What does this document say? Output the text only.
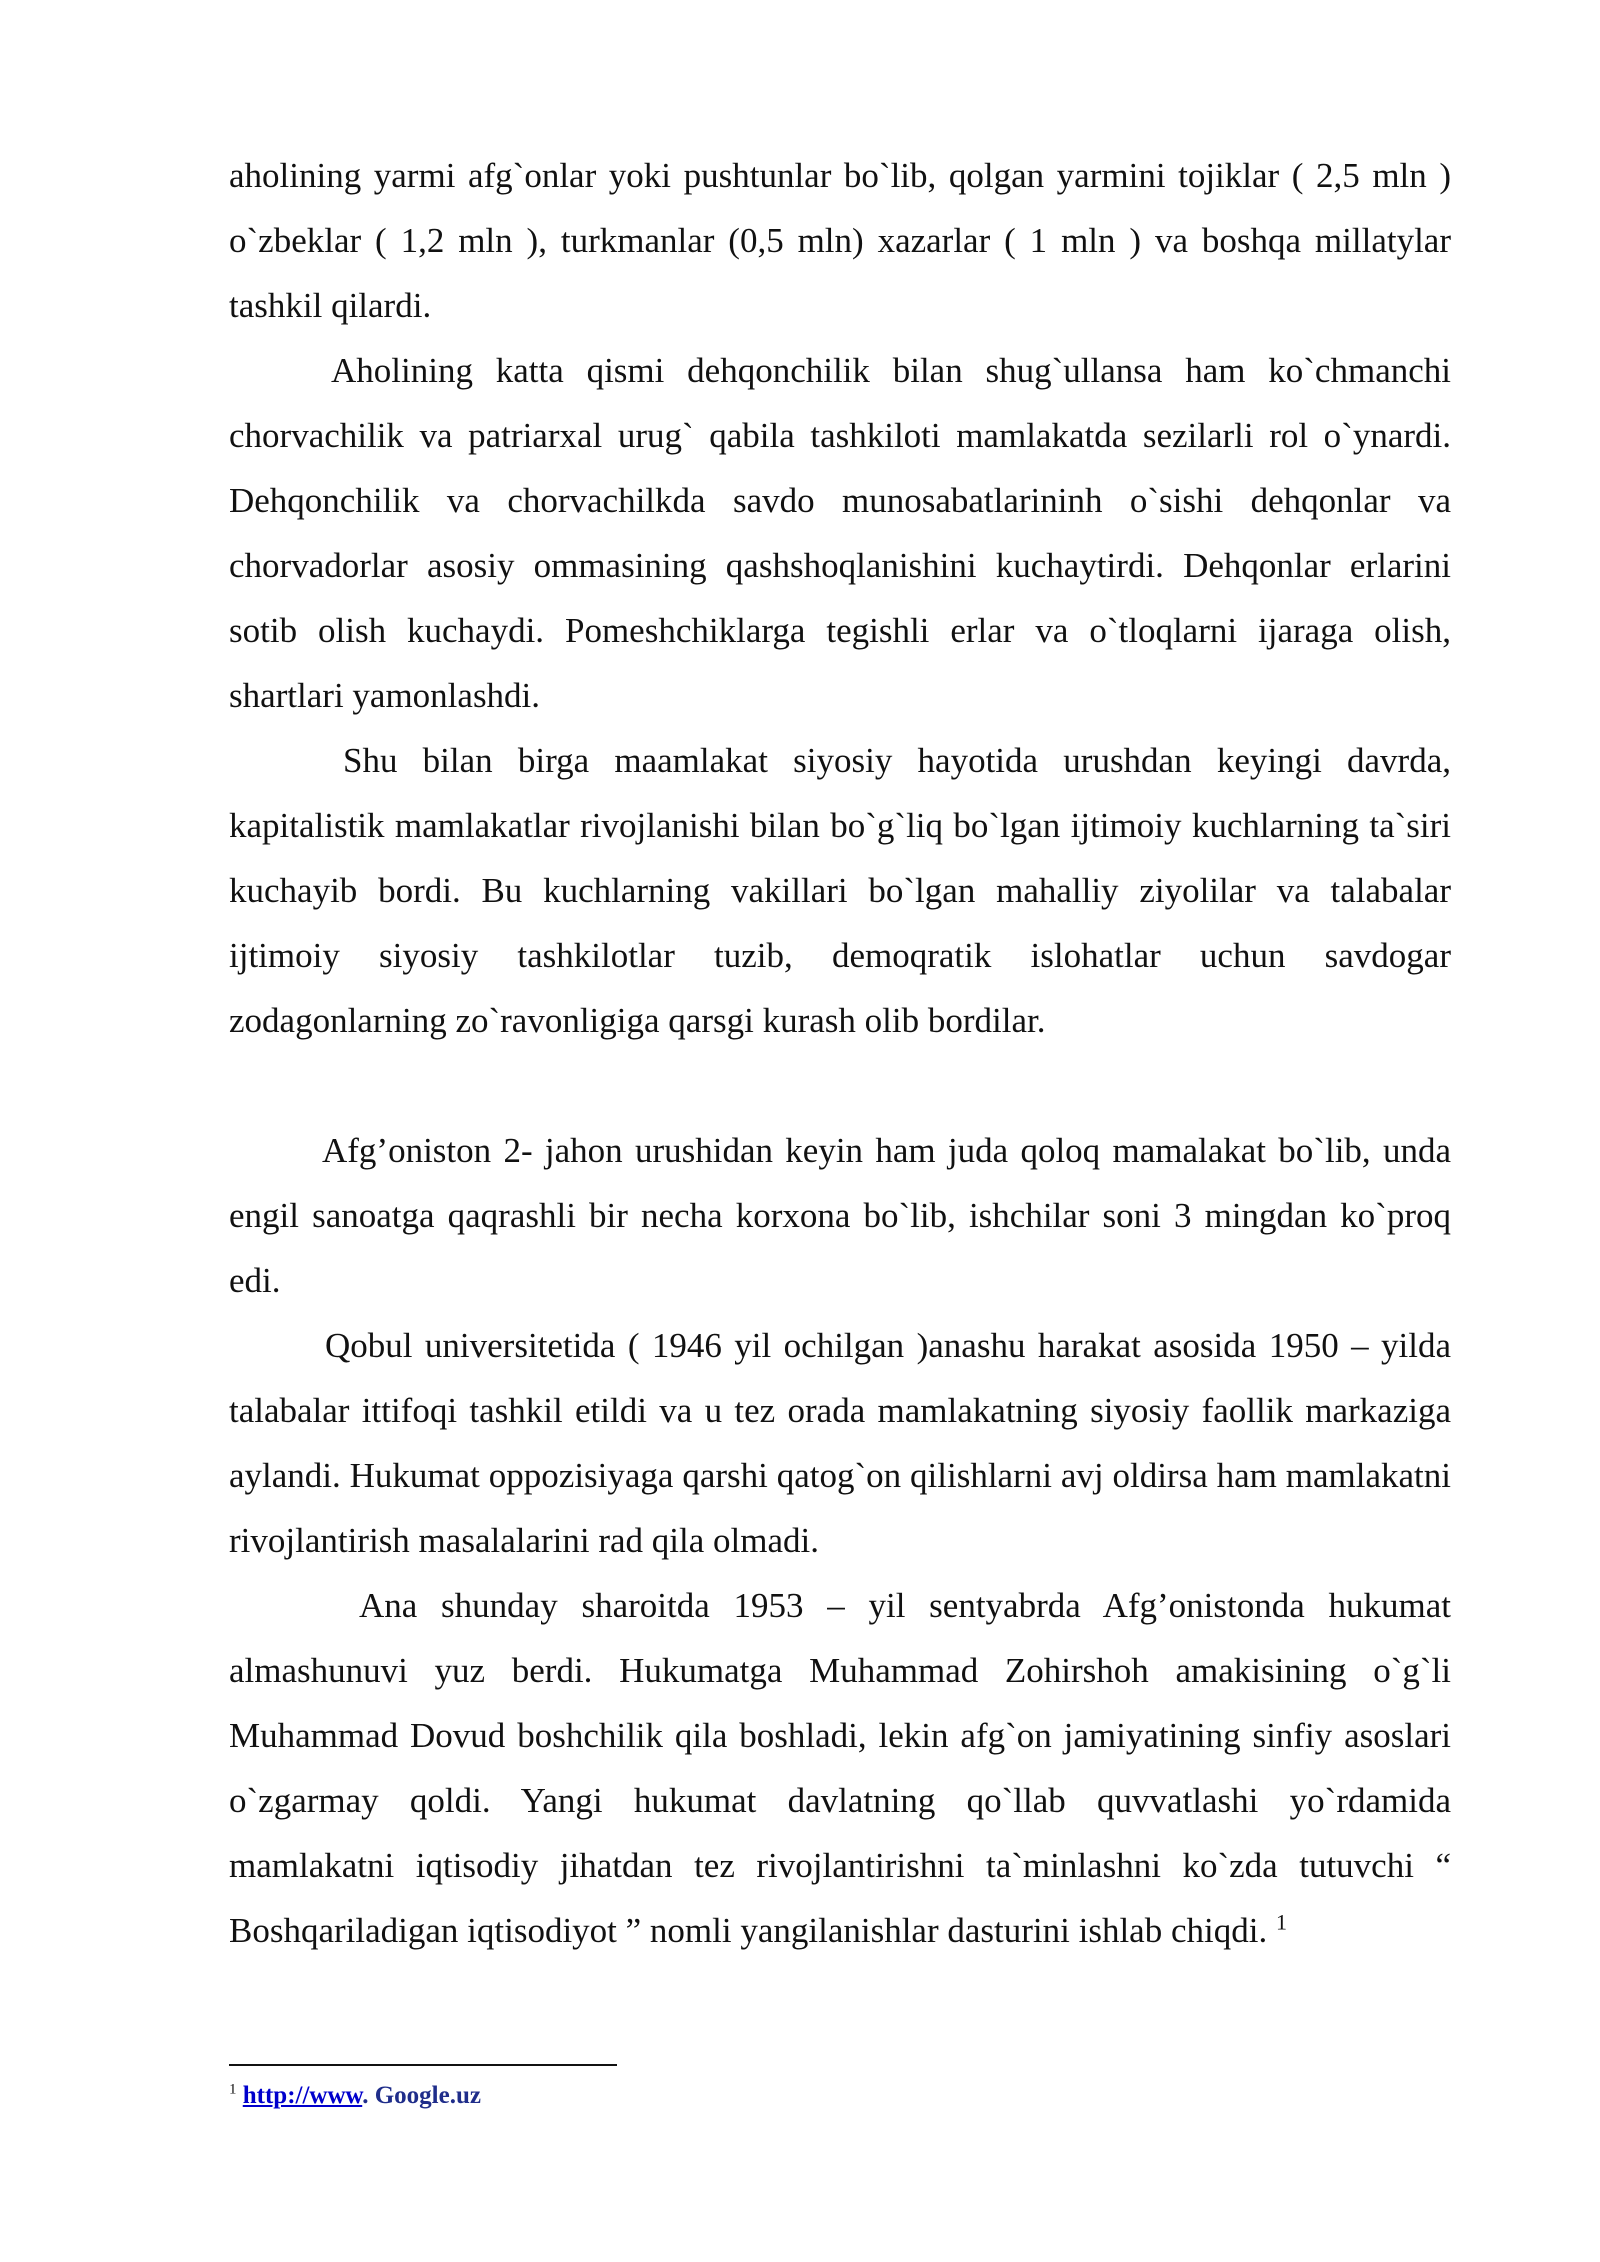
aholining yarmi afg`onlar yoki pushtunlar bo`lib, qolgan yarmini tojiklar ( 2,5 mln ) o`zbeklar ( 1,2 mln ), turkmanlar (0,5 mln) xazarlar ( 1 mln ) va boshqa millatylar tashkil qilardi.

Aholining katta qismi dehqonchilik bilan shug`ullansa ham ko`chmanchi chorvachilik va patriarxal urug` qabila tashkiloti mamlakatda sezilarli rol o`ynardi. Dehqonchilik va chorvachilkda savdo munosabatlarininh o`sishi dehqonlar va chorvadorlar asosiy ommasining qashshoqlanishini kuchaytirdi. Dehqonlar erlarini sotib olish kuchaydi. Pomeshchiklarga tegishli erlar va o`tloqlarni ijaraga olish, shartlari yamonlashdi.

Shu bilan birga maamlakat siyosiy hayotida urushdan keyingi davrda, kapitalistik mamlakatlar rivojlanishi bilan bo`g`liq bo`lgan ijtimoiy kuchlarning ta`siri kuchayib bordi. Bu kuchlarning vakillari bo`lgan mahalliy ziyolilar va talabalar ijtimoiy siyosiy tashkilotlar tuzib, demoqratik islohatlar uchun savdogar zodagonlarning zo`ravonligiga qarsgi kurash olib bordilar.

Afg’oniston 2- jahon urushidan keyin ham juda qoloq mamalakat bo`lib, unda engil sanoatga qaqrashli bir necha korxona bo`lib, ishchilar soni 3 mingdan ko`proq edi.

Qobul universitetida ( 1946 yil ochilgan )anashu harakat asosida 1950 – yilda talabalar ittifoqi tashkil etildi va u tez orada mamlakatning siyosiy faollik markaziga aylandi. Hukumat oppozisiyaga qarshi qatog`on qilishlarni avj oldirsa ham mamlakatni rivojlantirish masalalarini rad qila olmadi.

Ana shunday sharoitda 1953 – yil sentyabrda Afg’onistonda hukumat almashunuvi yuz berdi. Hukumatga Muhammad Zohirshoh amakisining o`g`li Muhammad Dovud boshchilik qila boshladi, lekin afg`on jamiyatining sinfiy asoslari o`zgarmay qoldi. Yangi hukumat davlatning qo`llab quvvatlashi yo`rdamida mamlakatni iqtisodiy jihatdan tez rivojlantirishni ta`minlashni ko`zda tutuvchi “ Boshqariladigan iqtisodiyot ” nomli yangilanishlar dasturini ishlab chiqdi. $^1$

$^1$ http://www. Google.uz
